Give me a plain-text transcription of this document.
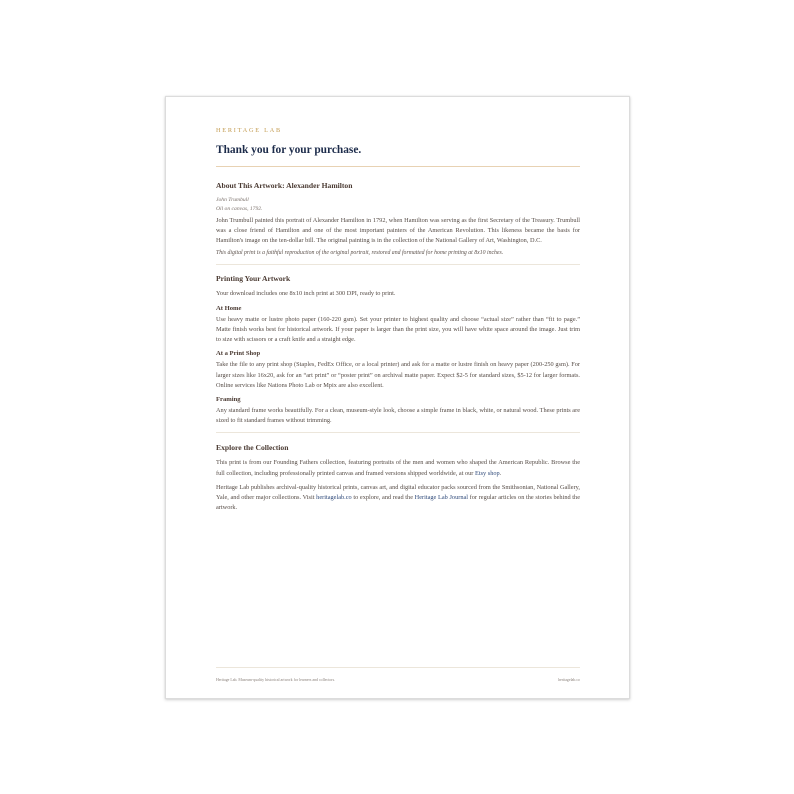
HERITAGE LAB

Thank you for your purchase.
About This Artwork: Alexander Hamilton

John Trumbull

Oil on canvas, 1792.

John Trumbull painted this portrait of Alexander Hamilton in 1792, when Hamilton was serving as the first Secretary of the Treasury. Trumbull was a close friend of Hamilton and one of the most important painters of the American Revolution. This likeness became the basis for Hamilton's image on the ten-dollar bill. The original painting is in the collection of the National Gallery of Art, Washington, D.C.

This digital print is a faithful reproduction of the original portrait, restored and formatted for home printing at 8x10 inches.

Printing Your Artwork

Your download includes one 8x10 inch print at 300 DPI, ready to print.

At Home

Use heavy matte or lustre photo paper (160-220 gsm). Set your printer to highest quality and choose “actual size” rather than “fit to page.” Matte finish works best for historical artwork. If your paper is larger than the print size, you will have white space around the image. Just trim to size with scissors or a craft knife and a straight edge.

At a Print Shop

Take the file to any print shop (Staples, FedEx Office, or a local printer) and ask for a matte or lustre finish on heavy paper (200-250 gsm). For larger sizes like 16x20, ask for an “art print” or “poster print” on archival matte paper. Expect $2-5 for standard sizes, $5-12 for larger formats. Online services like Nations Photo Lab or Mpix are also excellent.

Framing

Any standard frame works beautifully. For a clean, museum-style look, choose a simple frame in black, white, or natural wood. These prints are sized to fit standard frames without trimming.

Explore the Collection

This print is from our Founding Fathers collection, featuring portraits of the men and women who shaped the American Republic. Browse the full collection, including professionally printed canvas and framed versions shipped worldwide, at our Etsy shop.

Heritage Lab publishes archival-quality historical prints, canvas art, and digital educator packs sourced from the Smithsonian, National Gallery, Yale, and other major collections. Visit heritagelab.co to explore, and read the Heritage Lab Journal for regular articles on the stories behind the artwork.

Heritage Lab. Museum-quality historical artwork for learners and collectors.	heritagelab.co
